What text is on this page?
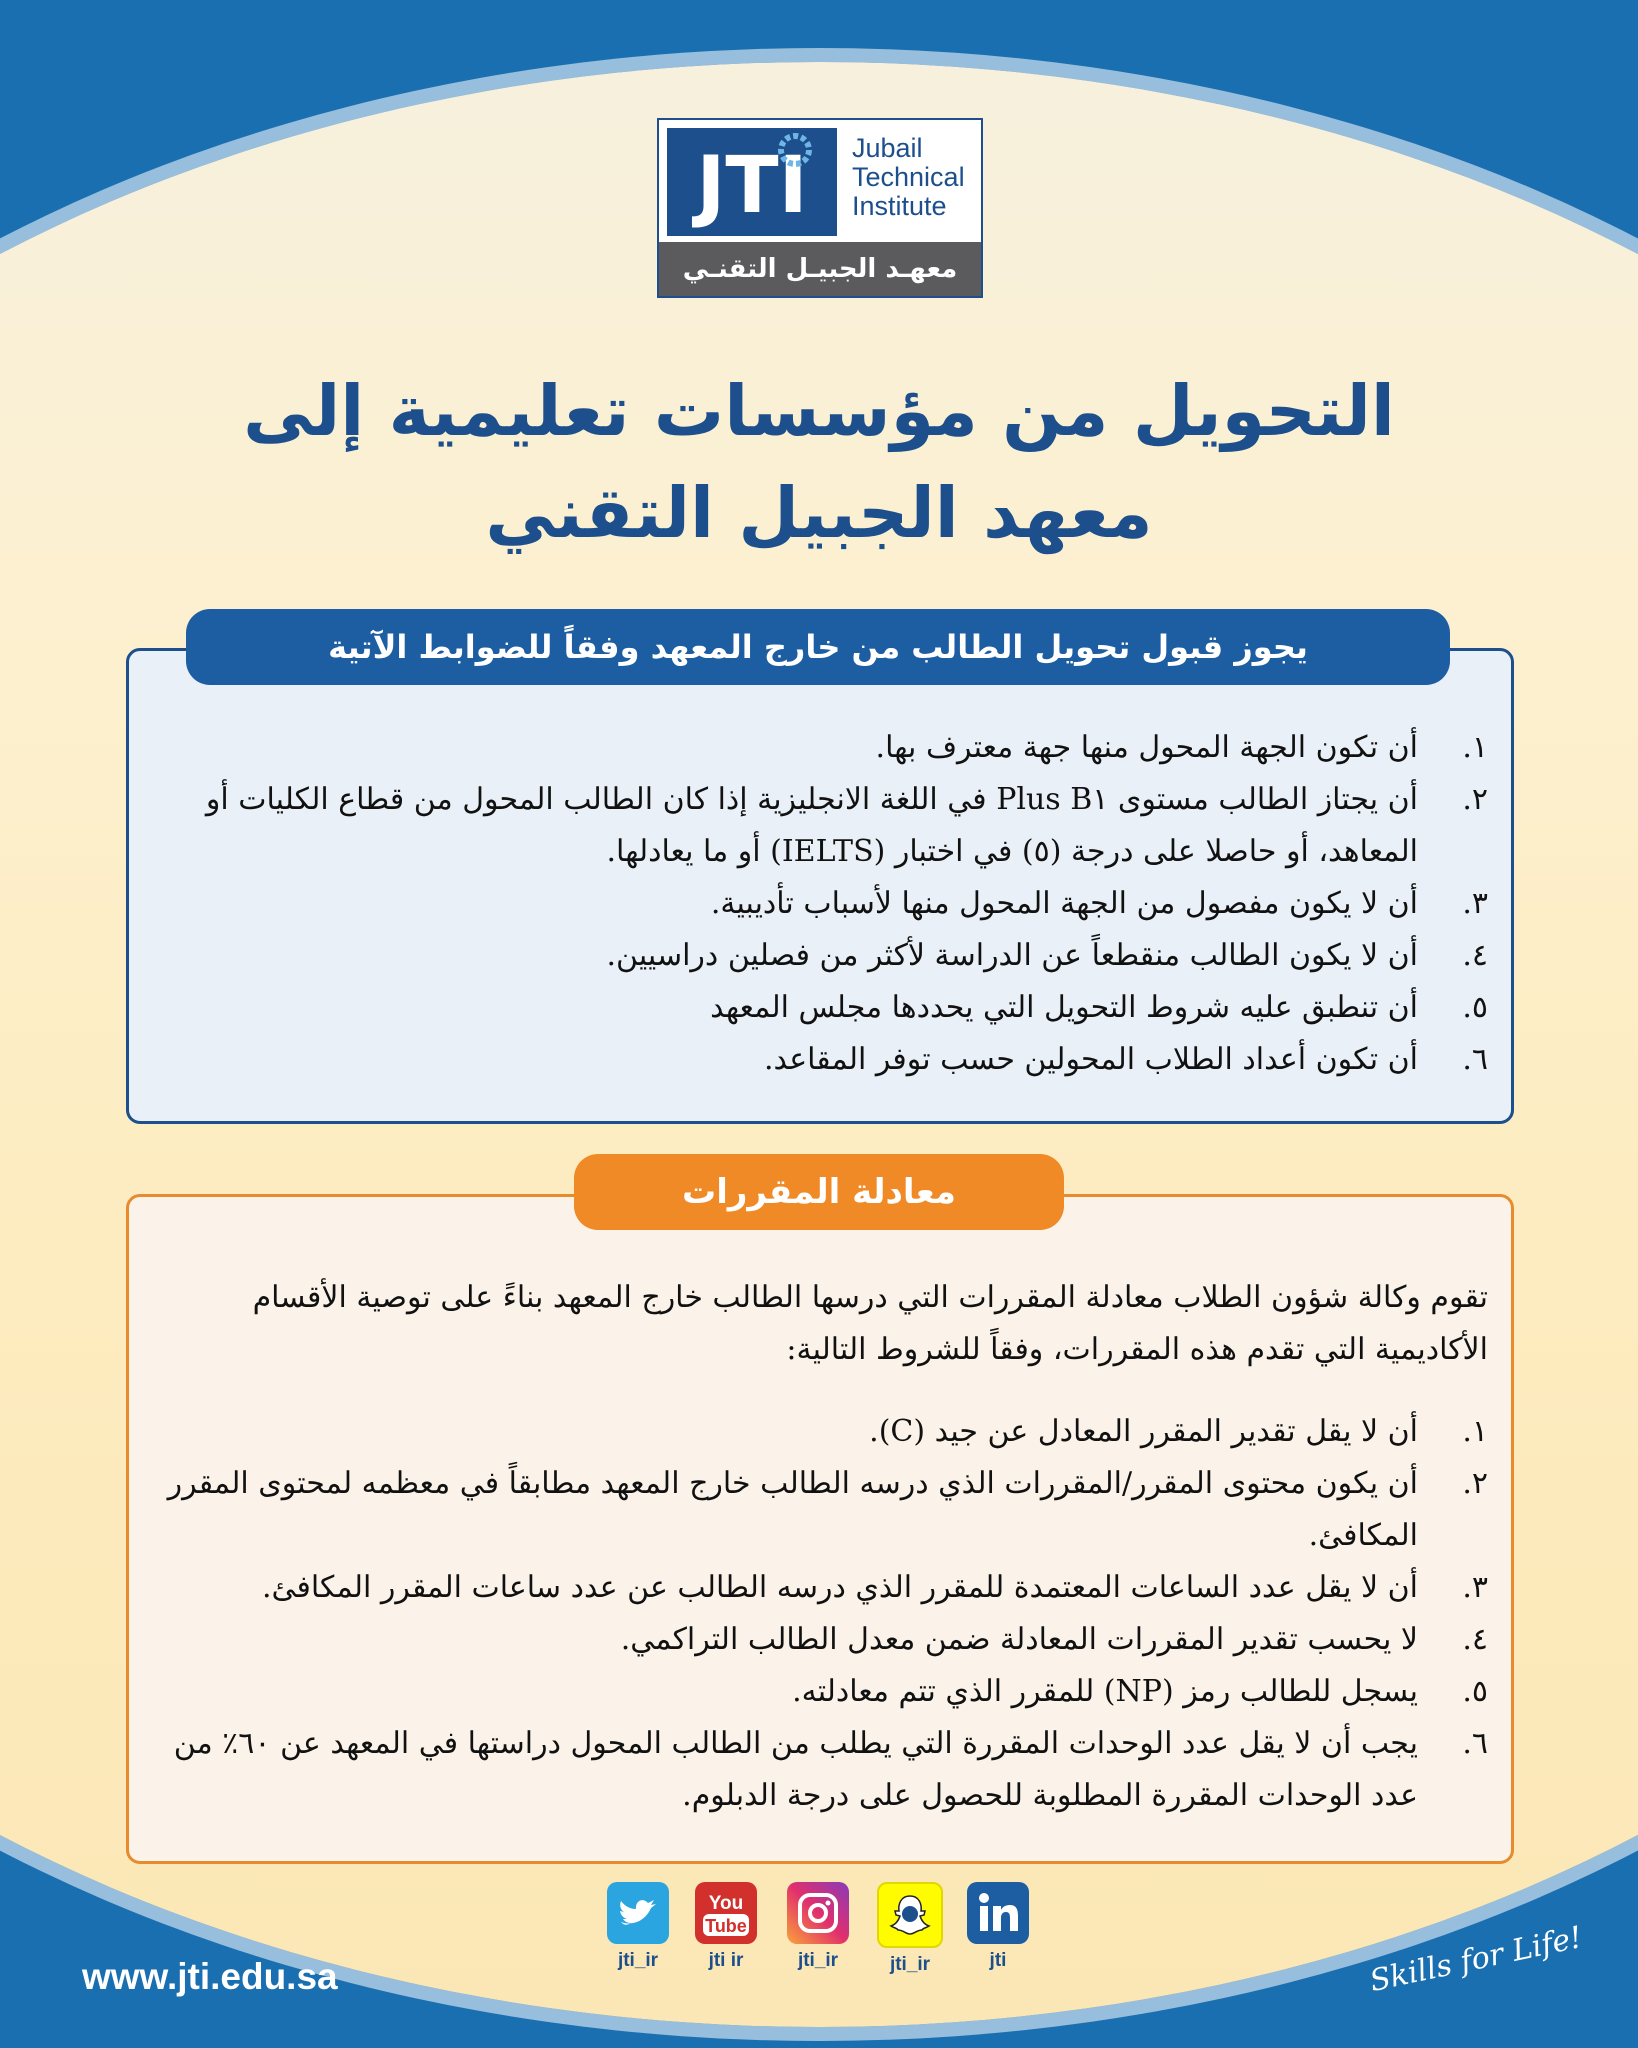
JTI Jubail
Technical
Institute
معهـد الجبيـل التقنـي
التحويل من مؤسسات تعليمية إلى
معهد الجبيل التقني
يجوز قبول تحويل الطالب من خارج المعهد وفقاً للضوابط الآتية
١.
أن تكون الجهة المحول منها جهة معترف بها.
٢.
أن يجتاز الطالب مستوى Plus B١ في اللغة الانجليزية إذا كان الطالب المحول من قطاع الكليات أو المعاهد، أو حاصلا على درجة (٥) في اختبار (IELTS) أو ما يعادلها.
٣.
أن لا يكون مفصول من الجهة المحول منها لأسباب تأديبية.
٤.
أن لا يكون الطالب منقطعاً عن الدراسة لأكثر من فصلين دراسيين.
٥.
أن تنطبق عليه شروط التحويل التي يحددها مجلس المعهد
٦.
أن تكون أعداد الطلاب المحولين حسب توفر المقاعد.
معادلة المقررات
تقوم وكالة شؤون الطلاب معادلة المقررات التي درسها الطالب خارج المعهد بناءً على توصية الأقسام الأكاديمية التي تقدم هذه المقررات، وفقاً للشروط التالية:
١.
أن لا يقل تقدير المقرر المعادل عن جيد (C).
٢.
أن يكون محتوى المقرر/المقررات الذي درسه الطالب خارج المعهد مطابقاً في معظمه لمحتوى المقرر المكافئ.
٣.
أن لا يقل عدد الساعات المعتمدة للمقرر الذي درسه الطالب عن عدد ساعات المقرر المكافئ.
٤.
لا يحسب تقدير المقررات المعادلة ضمن معدل الطالب التراكمي.
٥.
يسجل للطالب رمز (NP) للمقرر الذي تتم معادلته.
٦.
يجب أن لا يقل عدد الوحدات المقررة التي يطلب من الطالب المحول دراستها في المعهد عن ٦٠٪ من عدد الوحدات المقررة المطلوبة للحصول على درجة الدبلوم.
jti_ir
You
Tube
jti ir	jti_ir	jti_ir	jti
www.jti.edu.sa	Skills for Life!
